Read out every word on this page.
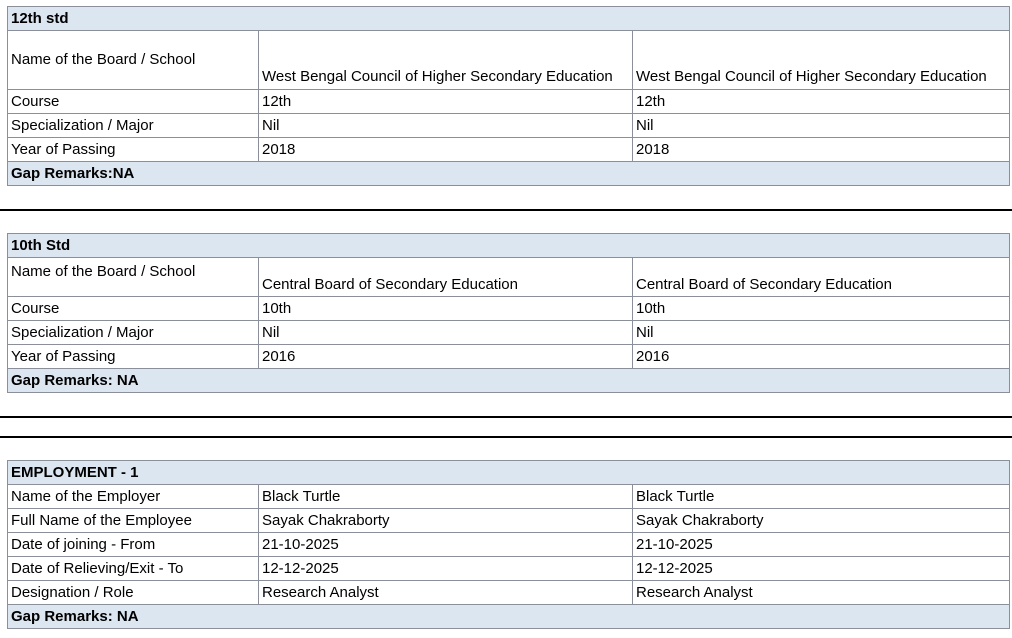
12th std		
Name of the Board / School	West Bengal Council of Higher Secondary Education	West Bengal Council of Higher Secondary Education
Course	12th	12th
Specialization / Major	Nil	Nil
Year of Passing	2018	2018
Gap Remarks:NA		
10th Std		
Name of the Board / School	Central Board of Secondary Education	Central Board of Secondary Education
Course	10th	10th
Specialization / Major	Nil	Nil
Year of Passing	2016	2016
Gap Remarks: NA		
EMPLOYMENT - 1		
Name of the Employer	Black Turtle	Black Turtle
Full Name of the Employee	Sayak Chakraborty	Sayak Chakraborty
Date of joining - From	21-10-2025	21-10-2025
Date of Relieving/Exit - To	12-12-2025	12-12-2025
Designation / Role	Research Analyst	Research Analyst
Gap Remarks: NA		
